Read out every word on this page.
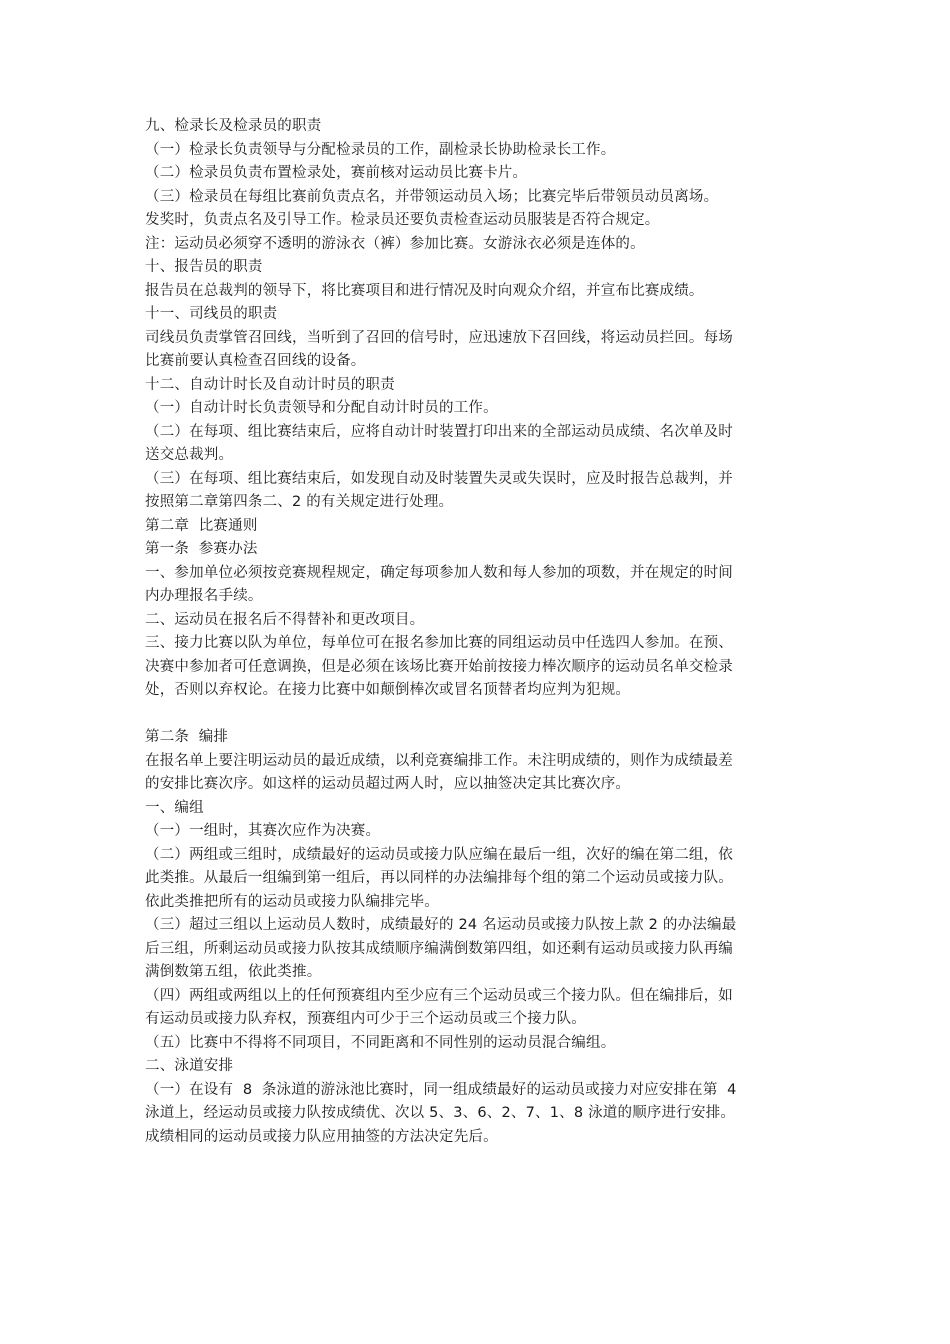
九、检录长及检录员的职责
（一）检录长负责领导与分配检录员的工作，副检录长协助检录长工作。
（二）检录员负责布置检录处，赛前核对运动员比赛卡片。
（三）检录员在每组比赛前负责点名，并带领运动员入场；比赛完毕后带领员动员离场。
发奖时，负责点名及引导工作。检录员还要负责检查运动员服装是否符合规定。
注：运动员必须穿不透明的游泳衣（裤）参加比赛。女游泳衣必须是连体的。
十、报告员的职责
报告员在总裁判的领导下，将比赛项目和进行情况及时向观众介绍，并宣布比赛成绩。
十一、司线员的职责
司线员负责掌管召回线，当听到了召回的信号时，应迅速放下召回线，将运动员拦回。每场
比赛前要认真检查召回线的设备。
十二、自动计时长及自动计时员的职责
（一）自动计时长负责领导和分配自动计时员的工作。
（二）在每项、组比赛结束后，应将自动计时装置打印出来的全部运动员成绩、名次单及时
送交总裁判。
（三）在每项、组比赛结束后，如发现自动及时装置失灵或失误时，应及时报告总裁判，并
按照第二章第四条二、2 的有关规定进行处理。
第二章  比赛通则
第一条  参赛办法
一、参加单位必须按竞赛规程规定，确定每项参加人数和每人参加的项数，并在规定的时间
内办理报名手续。
二、运动员在报名后不得替补和更改项目。
三、接力比赛以队为单位，每单位可在报名参加比赛的同组运动员中任选四人参加。在预、
决赛中参加者可任意调换，但是必须在该场比赛开始前按接力棒次顺序的运动员名单交检录
处，否则以弃权论。在接力比赛中如颠倒棒次或冒名顶替者均应判为犯规。
第二条  编排
在报名单上要注明运动员的最近成绩，以利竞赛编排工作。未注明成绩的，则作为成绩最差
的安排比赛次序。如这样的运动员超过两人时，应以抽签决定其比赛次序。
一、编组
（一）一组时，其赛次应作为决赛。
（二）两组或三组时，成绩最好的运动员或接力队应编在最后一组，次好的编在第二组，依
此类推。从最后一组编到第一组后，再以同样的办法编排每个组的第二个运动员或接力队。
依此类推把所有的运动员或接力队编排完毕。
（三）超过三组以上运动员人数时，成绩最好的 24 名运动员或接力队按上款 2 的办法编最
后三组，所剩运动员或接力队按其成绩顺序编满倒数第四组，如还剩有运动员或接力队再编
满倒数第五组，依此类推。
（四）两组或两组以上的任何预赛组内至少应有三个运动员或三个接力队。但在编排后，如
有运动员或接力队弃权，预赛组内可少于三个运动员或三个接力队。
（五）比赛中不得将不同项目，不同距离和不同性别的运动员混合编组。
二、泳道安排
（一）在设有  8  条泳道的游泳池比赛时，同一组成绩最好的运动员或接力对应安排在第  4
泳道上，经运动员或接力队按成绩优、次以 5、3、6、2、7、1、8 泳道的顺序进行安排。
成绩相同的运动员或接力队应用抽签的方法决定先后。
